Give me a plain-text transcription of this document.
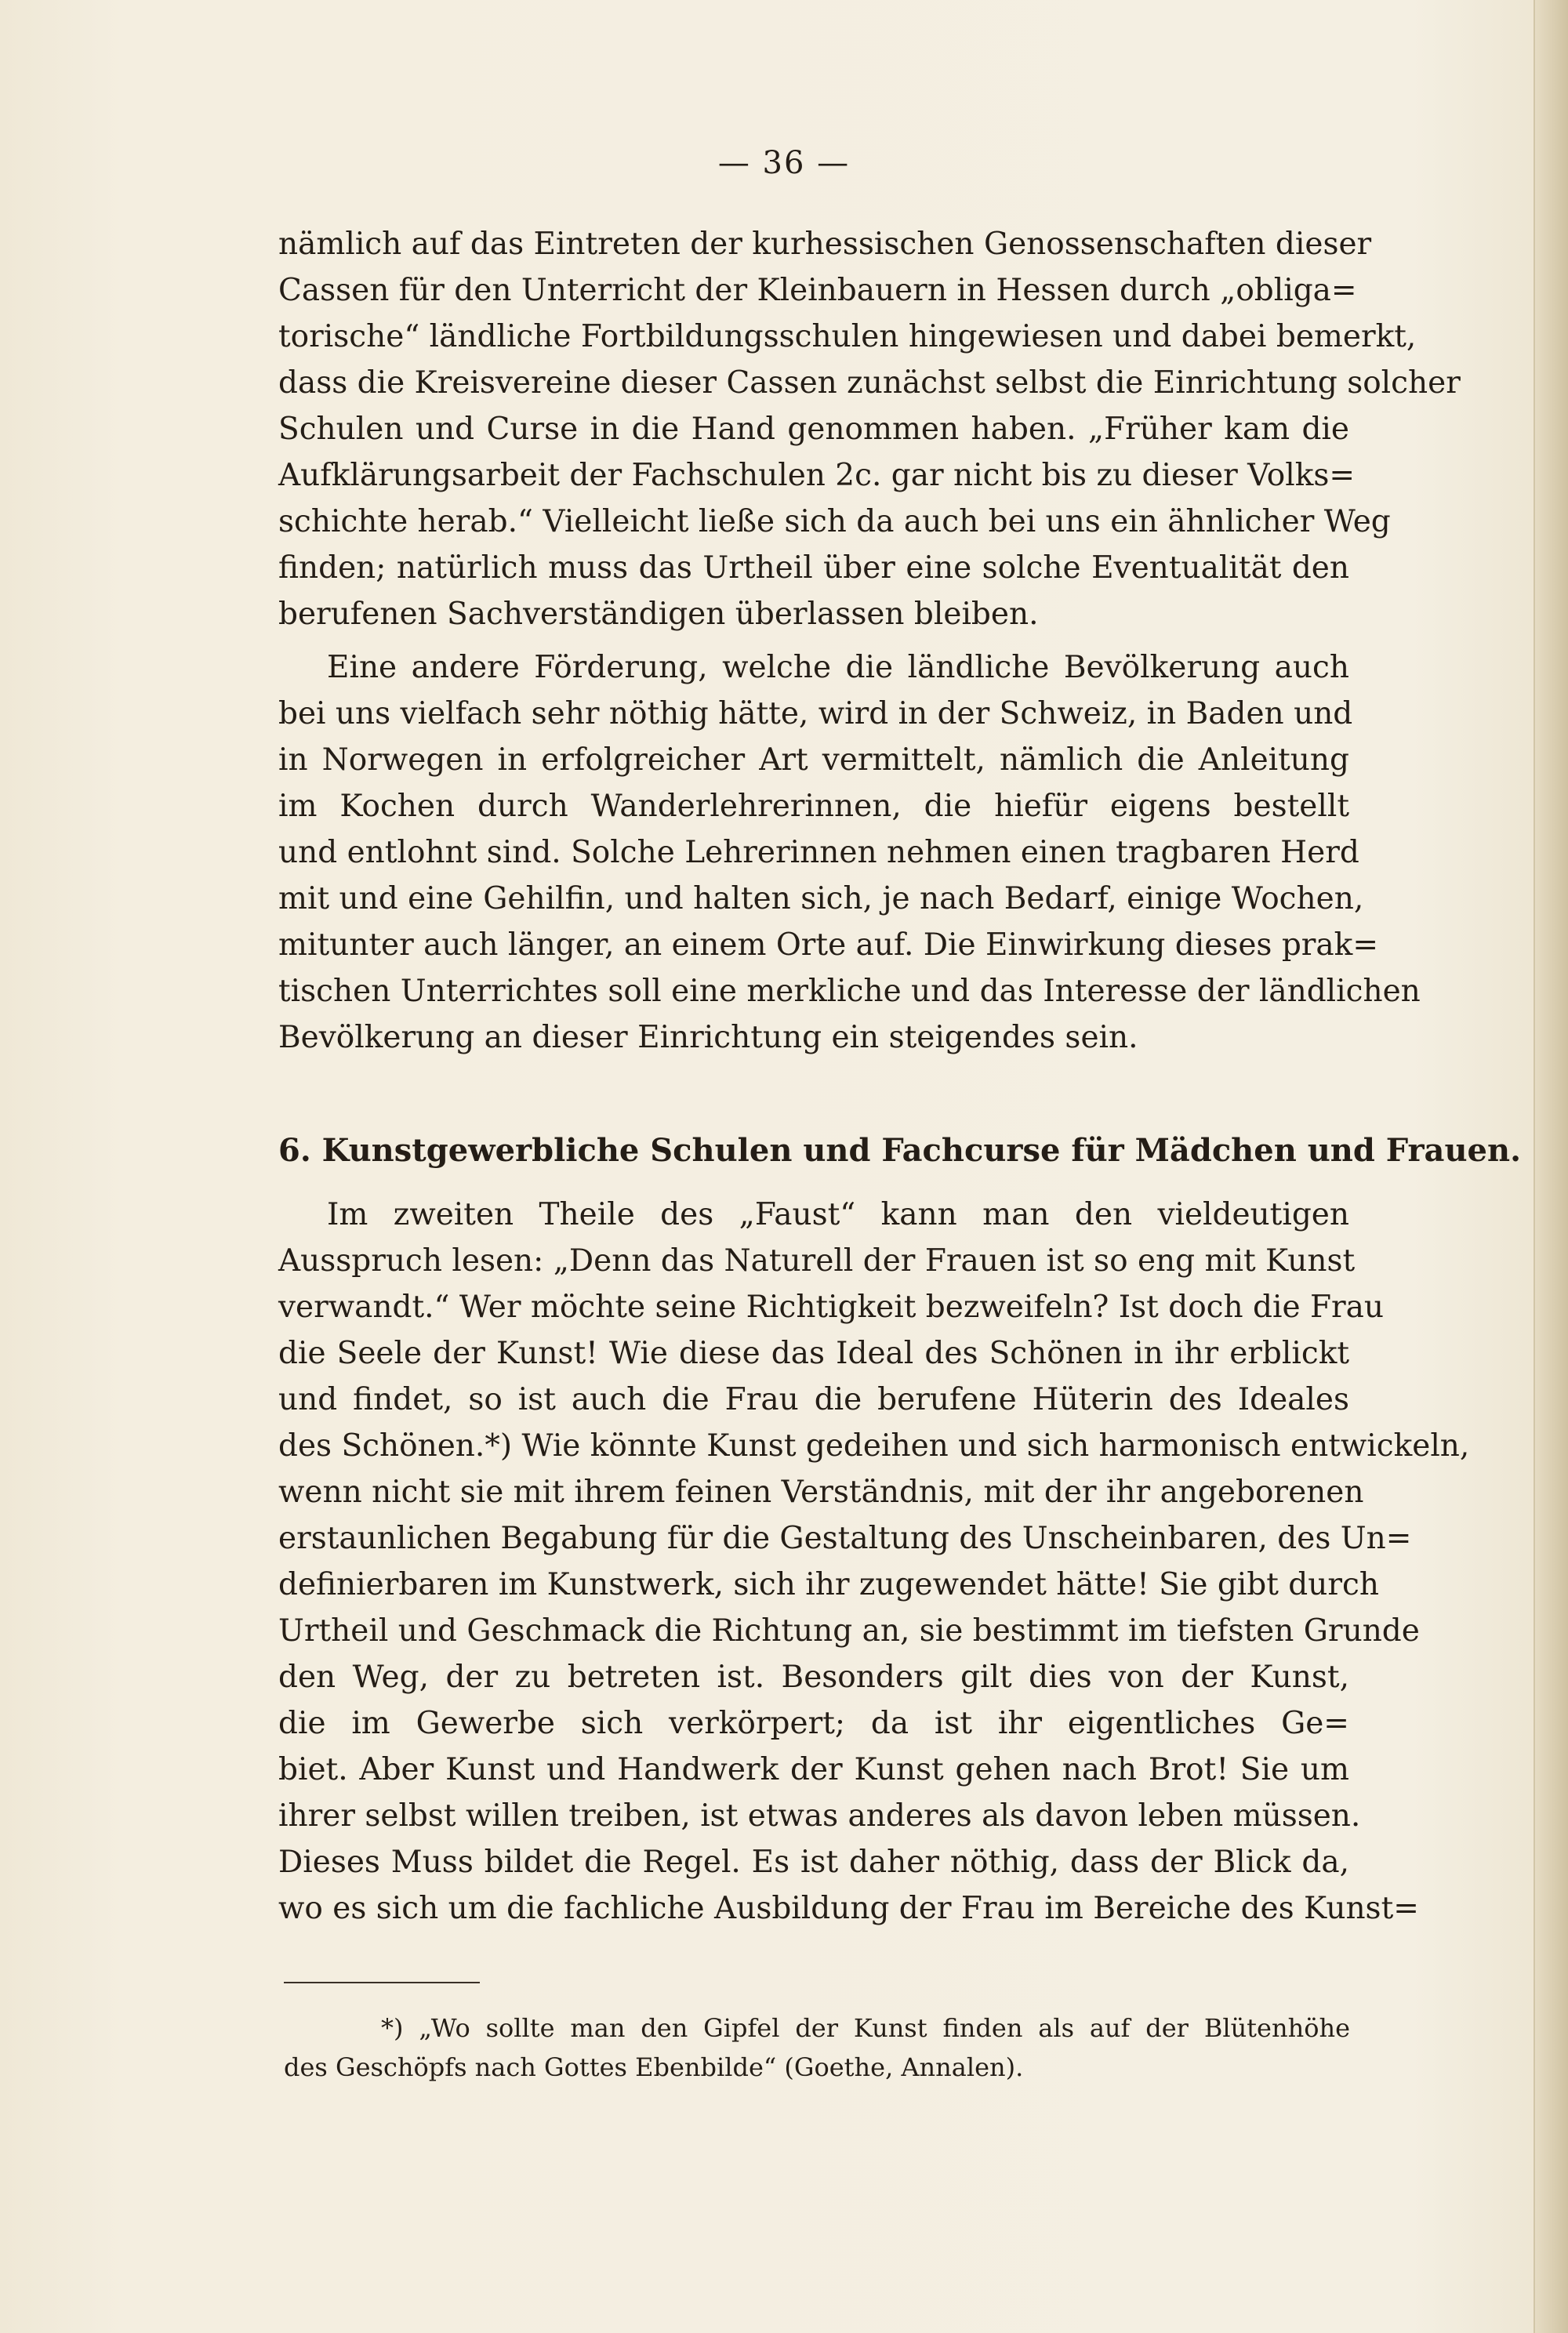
— 36 —
nämlich auf das Eintreten der kurhessischen Genossenschaften dieser
Cassen für den Unterricht der Kleinbauern in Hessen durch „obliga=
torische“ ländliche Fortbildungsschulen hingewiesen und dabei bemerkt,
dass die Kreisvereine dieser Cassen zunächst selbst die Einrichtung solcher
Schulen und Curse in die Hand genommen haben. „Früher kam die
Aufklärungsarbeit der Fachschulen 2c. gar nicht bis zu dieser Volks=
schichte herab.“ Vielleicht ließe sich da auch bei uns ein ähnlicher Weg
finden; natürlich muss das Urtheil über eine solche Eventualität den
berufenen Sachverständigen überlassen bleiben.
Eine andere Förderung, welche die ländliche Bevölkerung auch
bei uns vielfach sehr nöthig hätte, wird in der Schweiz, in Baden und
in Norwegen in erfolgreicher Art vermittelt, nämlich die Anleitung
im Kochen durch Wanderlehrerinnen, die hiefür eigens bestellt
und entlohnt sind. Solche Lehrerinnen nehmen einen tragbaren Herd
mit und eine Gehilfin, und halten sich, je nach Bedarf, einige Wochen,
mitunter auch länger, an einem Orte auf. Die Einwirkung dieses prak=
tischen Unterrichtes soll eine merkliche und das Interesse der ländlichen
Bevölkerung an dieser Einrichtung ein steigendes sein.
6. Kunstgewerbliche Schulen und Fachcurse für Mädchen und Frauen.
Im zweiten Theile des „Faust“ kann man den vieldeutigen
Ausspruch lesen: „Denn das Naturell der Frauen ist so eng mit Kunst
verwandt.“ Wer möchte seine Richtigkeit bezweifeln? Ist doch die Frau
die Seele der Kunst! Wie diese das Ideal des Schönen in ihr erblickt
und findet, so ist auch die Frau die berufene Hüterin des Ideales
des Schönen.*) Wie könnte Kunst gedeihen und sich harmonisch entwickeln,
wenn nicht sie mit ihrem feinen Verständnis, mit der ihr angeborenen
erstaunlichen Begabung für die Gestaltung des Unscheinbaren, des Un=
definierbaren im Kunstwerk, sich ihr zugewendet hätte! Sie gibt durch
Urtheil und Geschmack die Richtung an, sie bestimmt im tiefsten Grunde
den Weg, der zu betreten ist. Besonders gilt dies von der Kunst,
die im Gewerbe sich verkörpert; da ist ihr eigentliches Ge=
biet. Aber Kunst und Handwerk der Kunst gehen nach Brot! Sie um
ihrer selbst willen treiben, ist etwas anderes als davon leben müssen.
Dieses Muss bildet die Regel. Es ist daher nöthig, dass der Blick da,
wo es sich um die fachliche Ausbildung der Frau im Bereiche des Kunst=
*) „Wo sollte man den Gipfel der Kunst finden als auf der Blütenhöhe
des Geschöpfs nach Gottes Ebenbilde“ (Goethe, Annalen).
